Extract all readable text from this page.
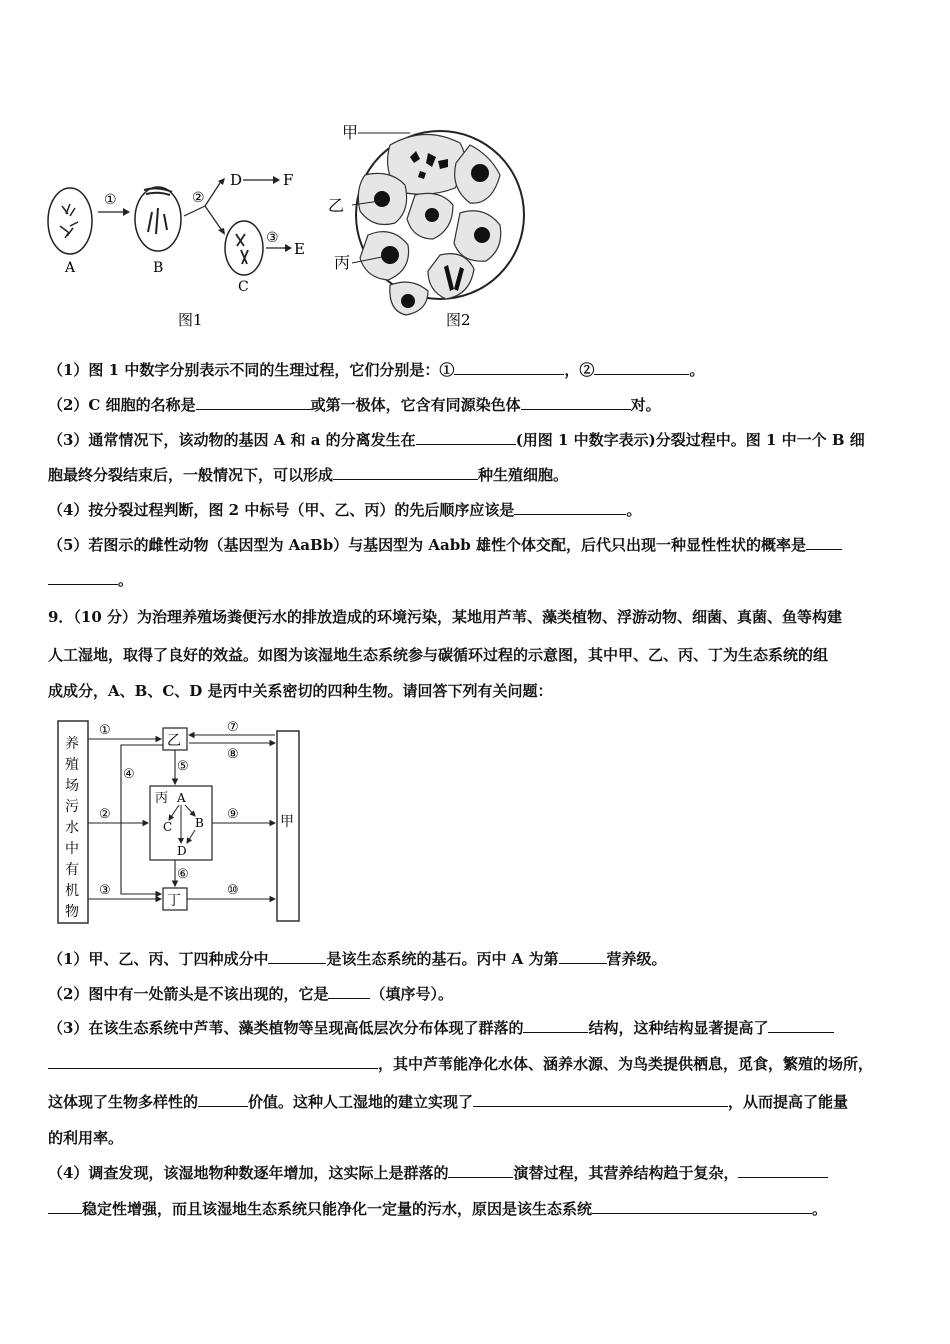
A
①
B
②
D	F
C
③
E
图1
甲
乙
丙
图2
（1）图 1 中数字分别表示不同的生理过程，它们分别是：①	，②	。
（2）C 细胞的名称是	或第一极体，它含有同源染色体	对。
（3）通常情况下，该动物的基因 A 和 a 的分离发生在	(用图 1 中数字表示)分裂过程中。图 1 中一个 B 细
胞最终分裂结束后，一般情况下，可以形成	种生殖细胞。
（4）按分裂过程判断，图 2 中标号（甲、乙、丙）的先后顺序应该是	。
（5）若图示的雌性动物（基因型为 AaBb）与基因型为 Aabb 雄性个体交配，后代只出现一种显性性状的概率是
。
9．（10 分）为治理养殖场粪便污水的排放造成的环境污染，某地用芦苇、藻类植物、浮游动物、细菌、真菌、鱼等构建
人工湿地，取得了良好的效益。如图为该湿地生态系统参与碳循环过程的示意图，其中甲、乙、丙、丁为生态系统的组
成成分，A、B、C、D 是丙中关系密切的四种生物。请回答下列有关问题：
养
殖
场
污
水
中
有
机
物
甲
乙
丙 A
C B
D
丁
①
②
③
④
⑤
⑥
⑦
⑧
⑨
⑩
（1）甲、乙、丙、丁四种成分中	是该生态系统的基石。丙中 A 为第	营养级。
（2）图中有一处箭头是不该出现的，它是	（填序号）。
（3）在该生态系统中芦苇、藻类植物等呈现高低层次分布体现了群落的	结构，这种结构显著提高了
，其中芦苇能净化水体、涵养水源、为鸟类提供栖息，觅食，繁殖的场所，
这体现了生物多样性的	价值。这种人工湿地的建立实现了	，从而提高了能量
的利用率。
（4）调查发现，该湿地物种数逐年增加，这实际上是群落的	演替过程，其营养结构趋于复杂，
稳定性增强，而且该湿地生态系统只能净化一定量的污水，原因是该生态系统	。
